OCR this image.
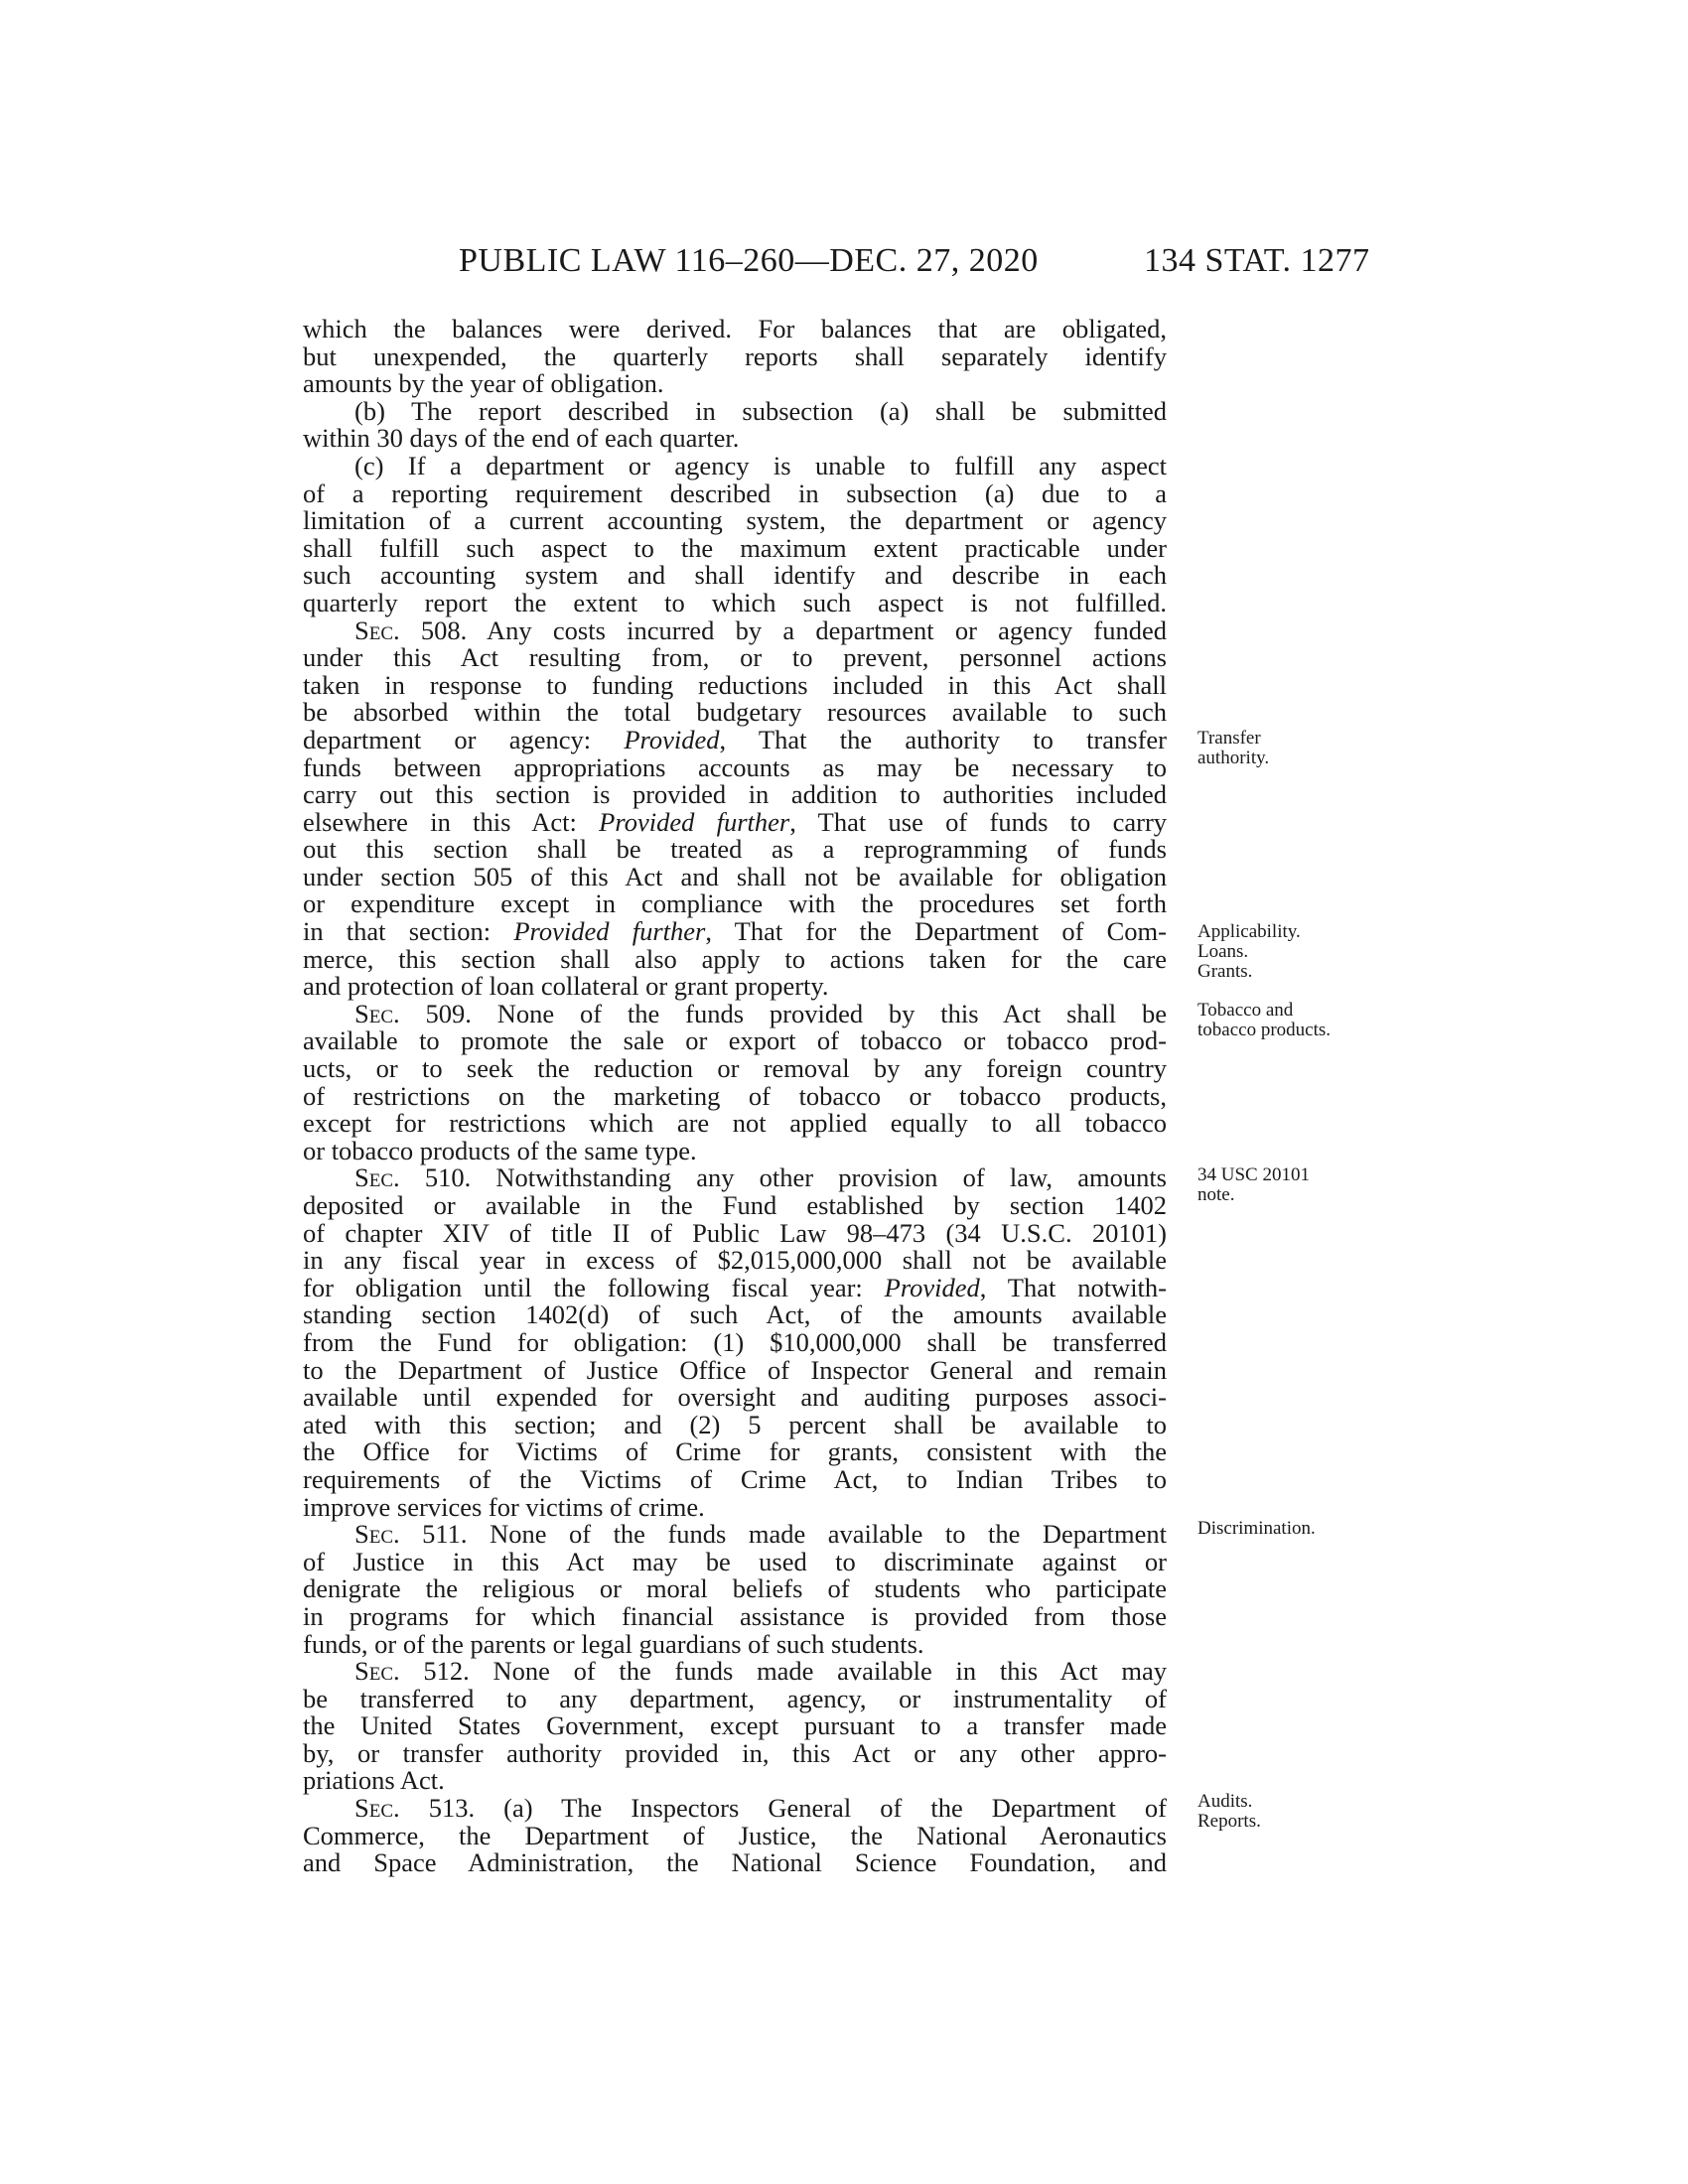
PUBLIC LAW 116–260—DEC. 27, 2020	134 STAT. 1277
which the balances were derived. For balances that are obligated,
but unexpended, the quarterly reports shall separately identify
amounts by the year of obligation.
(b) The report described in subsection (a) shall be submitted
within 30 days of the end of each quarter.
(c) If a department or agency is unable to fulfill any aspect
of a reporting requirement described in subsection (a) due to a
limitation of a current accounting system, the department or agency
shall fulfill such aspect to the maximum extent practicable under
such accounting system and shall identify and describe in each
quarterly report the extent to which such aspect is not fulfilled.
Sec. 508. Any costs incurred by a department or agency funded
under this Act resulting from, or to prevent, personnel actions
taken in response to funding reductions included in this Act shall
be absorbed within the total budgetary resources available to such
department or agency: Provided, That the authority to transfer
funds between appropriations accounts as may be necessary to
carry out this section is provided in addition to authorities included
elsewhere in this Act: Provided further, That use of funds to carry
out this section shall be treated as a reprogramming of funds
under section 505 of this Act and shall not be available for obligation
or expenditure except in compliance with the procedures set forth
in that section: Provided further, That for the Department of Com-
merce, this section shall also apply to actions taken for the care
and protection of loan collateral or grant property.
Sec. 509. None of the funds provided by this Act shall be
available to promote the sale or export of tobacco or tobacco prod-
ucts, or to seek the reduction or removal by any foreign country
of restrictions on the marketing of tobacco or tobacco products,
except for restrictions which are not applied equally to all tobacco
or tobacco products of the same type.
Sec. 510. Notwithstanding any other provision of law, amounts
deposited or available in the Fund established by section 1402
of chapter XIV of title II of Public Law 98–473 (34 U.S.C. 20101)
in any fiscal year in excess of $2,015,000,000 shall not be available
for obligation until the following fiscal year: Provided, That notwith-
standing section 1402(d) of such Act, of the amounts available
from the Fund for obligation: (1) $10,000,000 shall be transferred
to the Department of Justice Office of Inspector General and remain
available until expended for oversight and auditing purposes associ-
ated with this section; and (2) 5 percent shall be available to
the Office for Victims of Crime for grants, consistent with the
requirements of the Victims of Crime Act, to Indian Tribes to
improve services for victims of crime.
Sec. 511. None of the funds made available to the Department
of Justice in this Act may be used to discriminate against or
denigrate the religious or moral beliefs of students who participate
in programs for which financial assistance is provided from those
funds, or of the parents or legal guardians of such students.
Sec. 512. None of the funds made available in this Act may
be transferred to any department, agency, or instrumentality of
the United States Government, except pursuant to a transfer made
by, or transfer authority provided in, this Act or any other appro-
priations Act.
Sec. 513. (a) The Inspectors General of the Department of
Commerce, the Department of Justice, the National Aeronautics
and Space Administration, the National Science Foundation, and
Transfer
authority.
Applicability.
Loans.
Grants.
Tobacco and
tobacco products.
34 USC 20101
note.
Discrimination.
Audits.
Reports.
